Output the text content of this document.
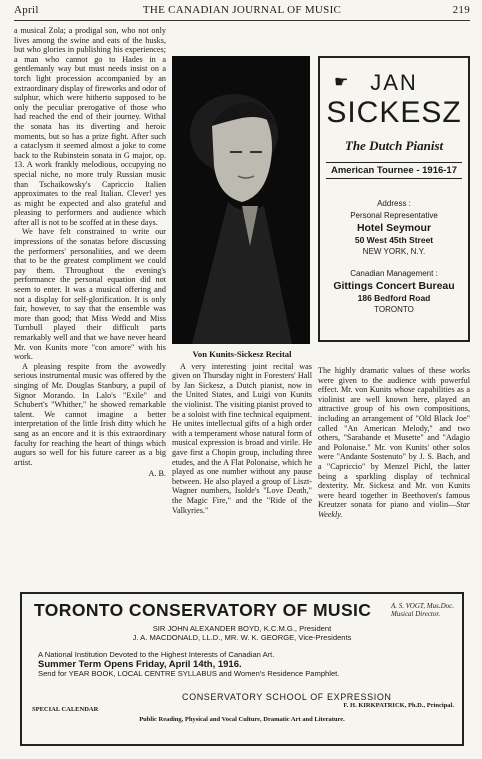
April	THE CANADIAN JOURNAL OF MUSIC	219

a musical Zola; a prodigal son, who not only lives among the swine and eats of the husks, but who glories in publishing his experiences; a man who cannot go to Hades in a gentlemanly way but must needs insist on a torch light procession accompanied by an extraordinary display of fireworks and odor of sulphur, which were hitherto supposed to be only the peculiar prerogative of those who had reached the end of their journey. Withal the sonata has its diverting and heroic moments, but so has a prize fight. After such a cataclysm it seemed almost a joke to come back to the Rubinstein sonata in G major, op. 13. A work frankly melodious, occupying no special niche, no more truly Russian music than Tschaikowsky's Capriccio Italien approximates to the real Italian. Clever! yes as might be expected and also grateful and pleasing to performers and audience which after all is not to be scoffed at in these days.

We have felt constrained to write our impressions of the sonatas before discussing the performers' personalities, and we deem that to be the greatest compliment we could pay them. Throughout the evening's performance the personal equation did not seem to enter. It was a musical offering and not a display for self-glorification. It is only fair, however, to say that the ensemble was more than good; that Miss Wedd and Miss Turnbull played their difficult parts remarkably well and that we have never heard Mr. von Kunits more "con amore" with his work.

A pleasing respite from the avowedly serious instrumental music was offered by the singing of Mr. Douglas Stanbury, a pupil of Signor Morando. In Lalo's "Exile" and Schubert's "Whither," he showed remarkable talent. We cannot imagine a better interpretation of the little Irish ditty which he sang as an encore and it is this extraordinary faculty for reaching the heart of things which augurs so well for his future career as a big artist.

A. B.
☛ JAN
SICKESZ
The Dutch Pianist
American Tournee - 1916-17
Address :
Personal Representative
Hotel Seymour
50 West 45th Street
NEW YORK, N.Y.
Canadian Management :
Gittings Concert Bureau
186 Bedford Road
TORONTO
Von Kunits-Sickesz Recital

A very interesting joint recital was given on Thursday night in Foresters' Hall by Jan Sickesz, a Dutch pianist, now in the United States, and Luigi von Kunits the violinist. The visiting pianist proved to be a soloist with fine technical equipment. He unites intellectual gifts of a high order with a temperament whose natural form of musical expression is broad and virile. He gave first a Chopin group, including three etudes, and the A Flat Polonaise, which he played as one number without any pause between. He also played a group of Liszt-Wagner numbers, Isolde's "Love Death," the Magic Fire," and the "Ride of the Valkyries."

The highly dramatic values of these works were given to the audience with powerful effect. Mr. von Kunits whose capabilities as a violinist are well known here, played an attractive group of his own compositions, including an arrangement of "Old Black Joe" called "An American Melody," and two others, "Sarabande et Musette" and "Adagio and Polonaise." Mr. von Kunits' other solos were "Andante Sostenuto" by J. S. Bach, and a "Capriccio" by Menzel Pichl, the latter being a sparkling display of technical dexterity. Mr. Sickesz and Mr. von Kunits were heard together in Beethoven's famous Kreutzer sonata for piano and violin—Star Weekly.

TORONTO CONSERVATORY OF MUSIC	A. S. VOGT, Mus.Doc.
Musical Director.
SIR JOHN ALEXANDER BOYD, K.C.M.G., President
J. A. MACDONALD, LL.D., MR. W. K. GEORGE, Vice-Presidents
A National Institution Devoted to the Highest Interests of Canadian Art.
Summer Term Opens Friday, April 14th, 1916.
Send for YEAR BOOK, LOCAL CENTRE SYLLABUS and Women's Residence Pamphlet.
CONSERVATORY SCHOOL OF EXPRESSION
SPECIAL CALENDAR
F. H. KIRKPATRICK, Ph.D., Principal.
Public Reading, Physical and Vocal Culture, Dramatic Art and Literature.
